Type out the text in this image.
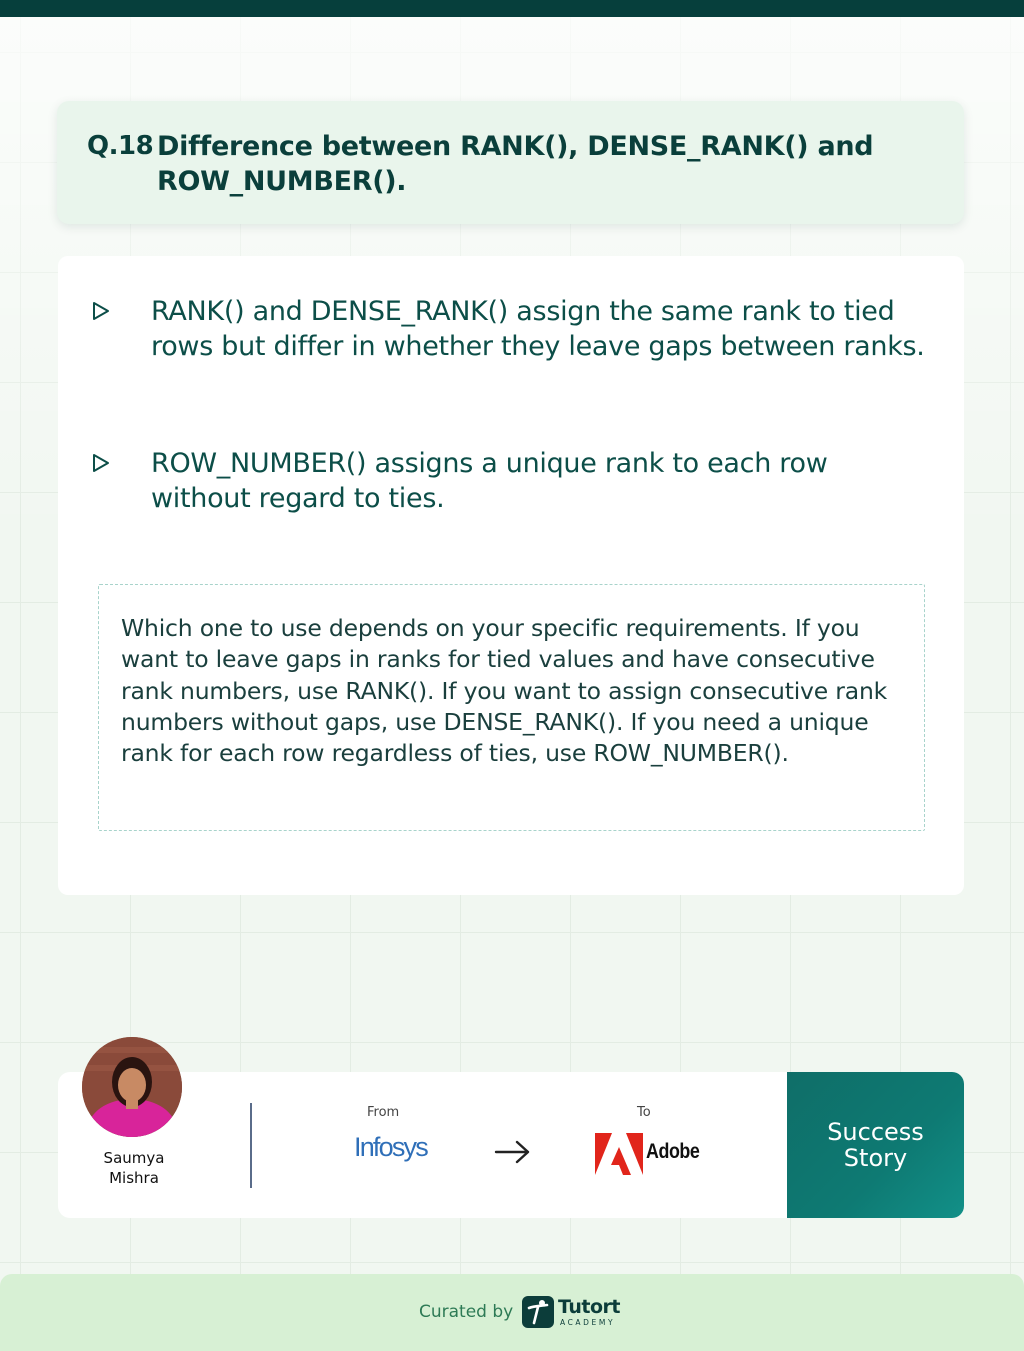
Q.18 Difference between RANK(), DENSE_RANK() and ROW_NUMBER().
RANK() and DENSE_RANK() assign the same rank to tied rows but differ in whether they leave gaps between ranks.
ROW_NUMBER() assigns a unique rank to each row without regard to ties.

Which one to use depends on your specific requirements. If you want to leave gaps in ranks for tied values and have consecutive rank numbers, use RANK(). If you want to assign consecutive rank numbers without gaps, use DENSE_RANK(). If you need a unique rank for each row regardless of ties, use ROW_NUMBER().

Saumya
Mishra
From
Infosys
To
Adobe
Success
Story
Curated by Tutort
ACADEMY
